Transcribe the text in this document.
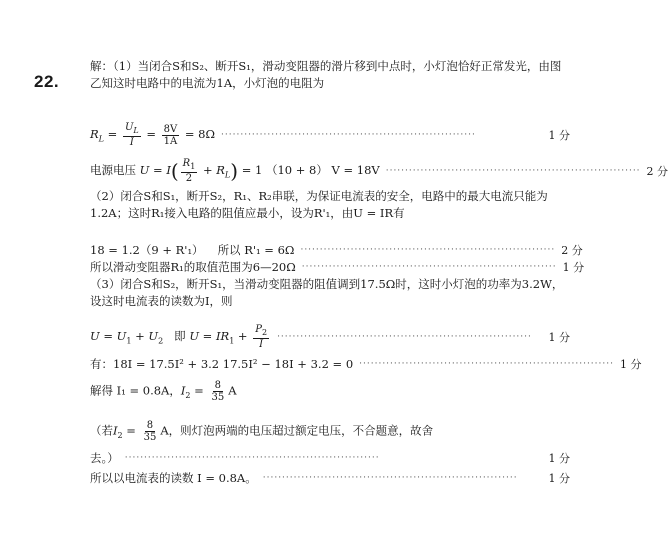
22.
解：（1）当闭合S和S₂、断开S₁，滑动变阻器的滑片移到中点时，小灯泡恰好正常发光，由图乙知这时电路中的电流为1A，小灯泡的电阻为
$R_L = \frac{U_L}{I} = \frac{8V}{1A} = 8\Omega$ ··································································	1 分
电源电压 $U = I( \frac{R_1}{2} + R_L) = 1$ （10 + 8） V = 18V ·································································· 2 分
（2）闭合S和S₁，断开S₂，R₁、R₂串联，为保证电流表的安全，电路中的最大电流只能为1.2A；这时R₁接入电路的阻值应最小，设为R'₁，由U = IR有
18 = 1.2（9 + R'₁） 所以 R'₁ = 6Ω ·································································· 2 分
所以滑动变阻器R₁的取值范围为6—20Ω ·································································· 1 分
（3）闭合S和S₂，断开S₁，当滑动变阻器的阻值调到17.5Ω时，这时小灯泡的功率为3.2W，设这时电流表的读数为I，则
$U = U_1 + U_2$ 即 $U = IR_1 + \frac{P_2}{I}$ ··································································	1 分
有：18I = 17.5I² + 3.2 17.5I² − 18I + 3.2 = 0 ·································································· 1 分
解得 I₁ = 0.8A，$I_2 = \frac{8}{35}$ A
（若$I_2 = \frac{8}{35}$ A，则灯泡两端的电压超过额定电压，不合题意，故舍
去。） ··································································	1 分
所以以电流表的读数 I = 0.8A。 ··································································	1 分
